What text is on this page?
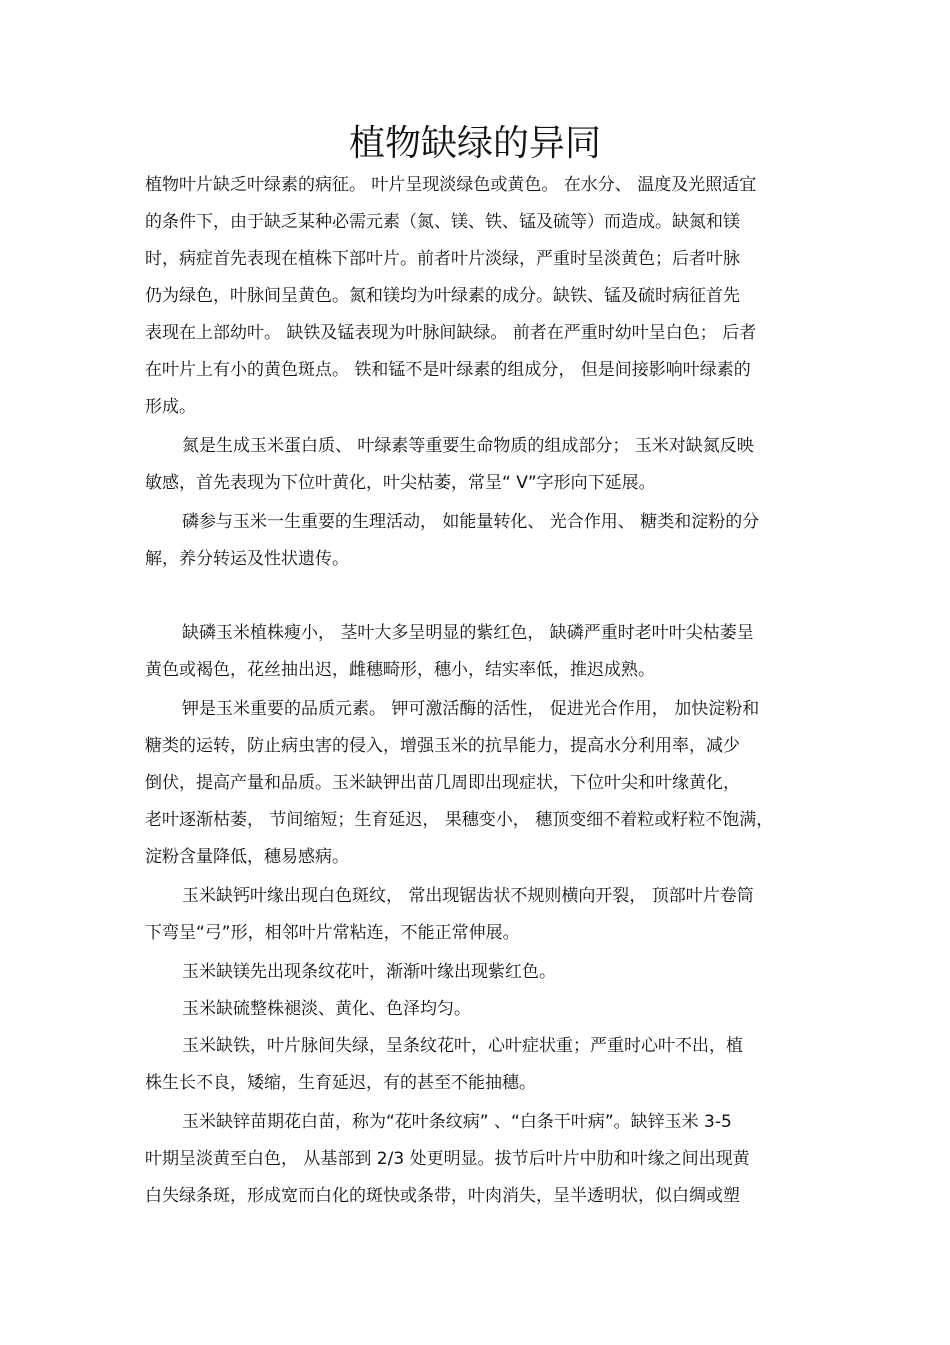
植物缺绿的异同
植物叶片缺乏叶绿素的病征。 叶片呈现淡绿色或黄色。 在水分、 温度及光照适宜
的条件下，由于缺乏某种必需元素（氮、镁、铁、锰及硫等）而造成。缺氮和镁
时，病症首先表现在植株下部叶片。前者叶片淡绿，严重时呈淡黄色；后者叶脉
仍为绿色，叶脉间呈黄色。氮和镁均为叶绿素的成分。缺铁、锰及硫时病征首先
表现在上部幼叶。 缺铁及锰表现为叶脉间缺绿。 前者在严重时幼叶呈白色； 后者
在叶片上有小的黄色斑点。 铁和锰不是叶绿素的组成分， 但是间接影响叶绿素的
形成。
氮是生成玉米蛋白质、 叶绿素等重要生命物质的组成部分； 玉米对缺氮反映
敏感，首先表现为下位叶黄化，叶尖枯萎，常呈“ V”字形向下延展。
磷参与玉米一生重要的生理活动， 如能量转化、 光合作用、 糖类和淀粉的分
解，养分转运及性状遗传。
缺磷玉米植株瘦小， 茎叶大多呈明显的紫红色， 缺磷严重时老叶叶尖枯萎呈
黄色或褐色，花丝抽出迟，雌穗畸形，穗小，结实率低，推迟成熟。
钾是玉米重要的品质元素。 钾可激活酶的活性， 促进光合作用， 加快淀粉和
糖类的运转，防止病虫害的侵入，增强玉米的抗旱能力，提高水分利用率，减少
倒伏，提高产量和品质。玉米缺钾出苗几周即出现症状，下位叶尖和叶缘黄化，
老叶逐渐枯萎， 节间缩短；生育延迟， 果穗变小， 穗顶变细不着粒或籽粒不饱满，
淀粉含量降低，穗易感病。
玉米缺钙叶缘出现白色斑纹， 常出现锯齿状不规则横向开裂， 顶部叶片卷筒
下弯呈“弓”形，相邻叶片常粘连，不能正常伸展。
玉米缺镁先出现条纹花叶，渐渐叶缘出现紫红色。
玉米缺硫整株褪淡、黄化、色泽均匀。
玉米缺铁，叶片脉间失绿，呈条纹花叶，心叶症状重；严重时心叶不出，植
株生长不良，矮缩，生育延迟，有的甚至不能抽穗。
玉米缺锌苗期花白苗，称为“花叶条纹病” 、“白条干叶病”。缺锌玉米 3-5
叶期呈淡黄至白色， 从基部到 2/3 处更明显。拔节后叶片中肋和叶缘之间出现黄
白失绿条斑，形成宽而白化的斑快或条带，叶肉消失，呈半透明状，似白绸或塑
